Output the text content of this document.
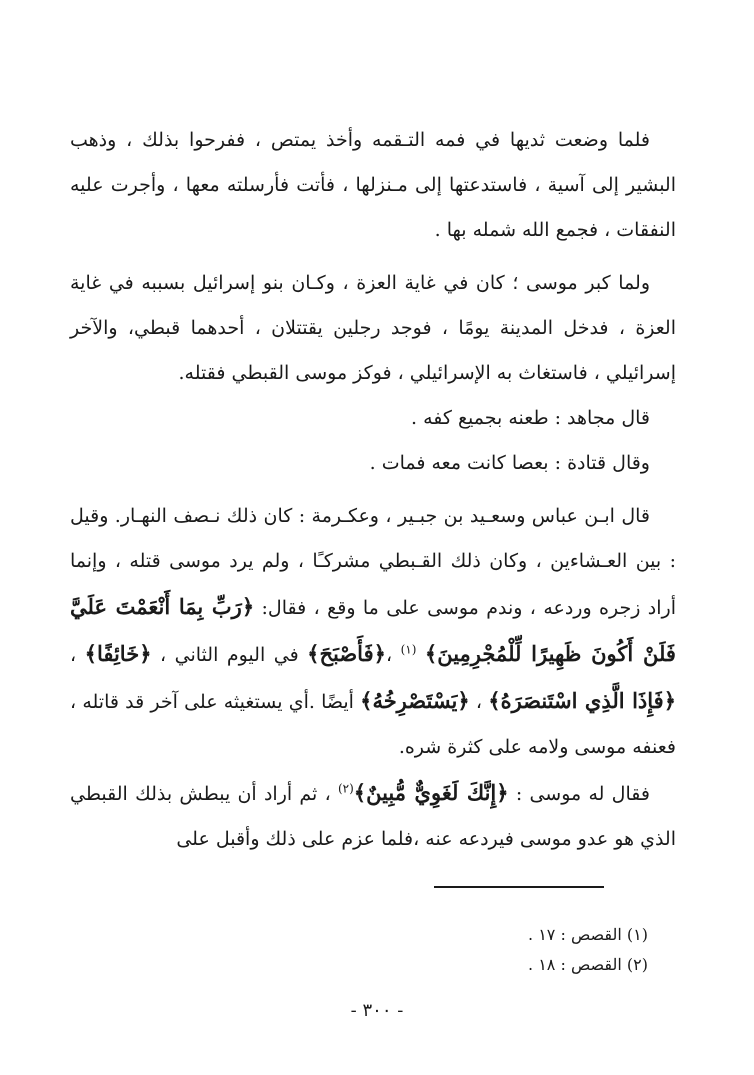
فلما وضعت ثديها في فمه التـقمه وأخذ يمتص ، ففرحوا بذلك ، وذهب البشير إلى آسية ، فاستدعتها إلى مـنزلها ، فأتت فأرسلته معها ، وأجرت عليه النفقات ، فجمع الله شمله بها .

ولما كبر موسى ؛ كان في غاية العزة ، وكـان بنو إسرائيل بسببه في غاية العزة ، فدخل المدينة يومًا ، فوجد رجلين يقتتلان ، أحدهما قبطي، والآخر إسرائيلي ، فاستغاث به الإسرائيلي ، فوكز موسى القبطي فقتله.

قال مجاهد : طعنه بجميع كفه .

وقال قتادة : بعصا كانت معه فمات .

قال ابـن عباس وسعـيد بن جبـير ، وعكـرمة : كان ذلك نـصف النهـار. وقيل : بين العـشاءين ، وكان ذلك القـبطي مشركـًا ، ولم يرد موسى قتله ، وإنما أراد زجره وردعه ، وندم موسى على ما وقع ، فقال: ﴿رَبِّ بِمَا أَنْعَمْتَ عَلَيَّ فَلَنْ أَكُونَ ظَهِيرًا لِّلْمُجْرِمِينَ﴾ $^{(١)}$ ،﴿فَأَصْبَحَ﴾ في اليوم الثاني ، ﴿خَائِفًا﴾ ، ﴿فَإِذَا الَّذِي اسْتَنصَرَهُ﴾ ، ﴿يَسْتَصْرِخُهُ﴾ أيضًا .أي يستغيثه على آخر قد قاتله ، فعنفه موسى ولامه على كثرة شره.

فقال له موسى : ﴿إِنَّكَ لَغَوِيٌّ مُّبِينٌ﴾$^{(٢)}$ ، ثم أراد أن يبطش بذلك القبطي الذي هو عدو موسى فيردعه عنه ،فلما عزم على ذلك وأقبل على

(١) القصص : ١٧ .

(٢) القصص : ١٨ .

- ٣٠٠ -
